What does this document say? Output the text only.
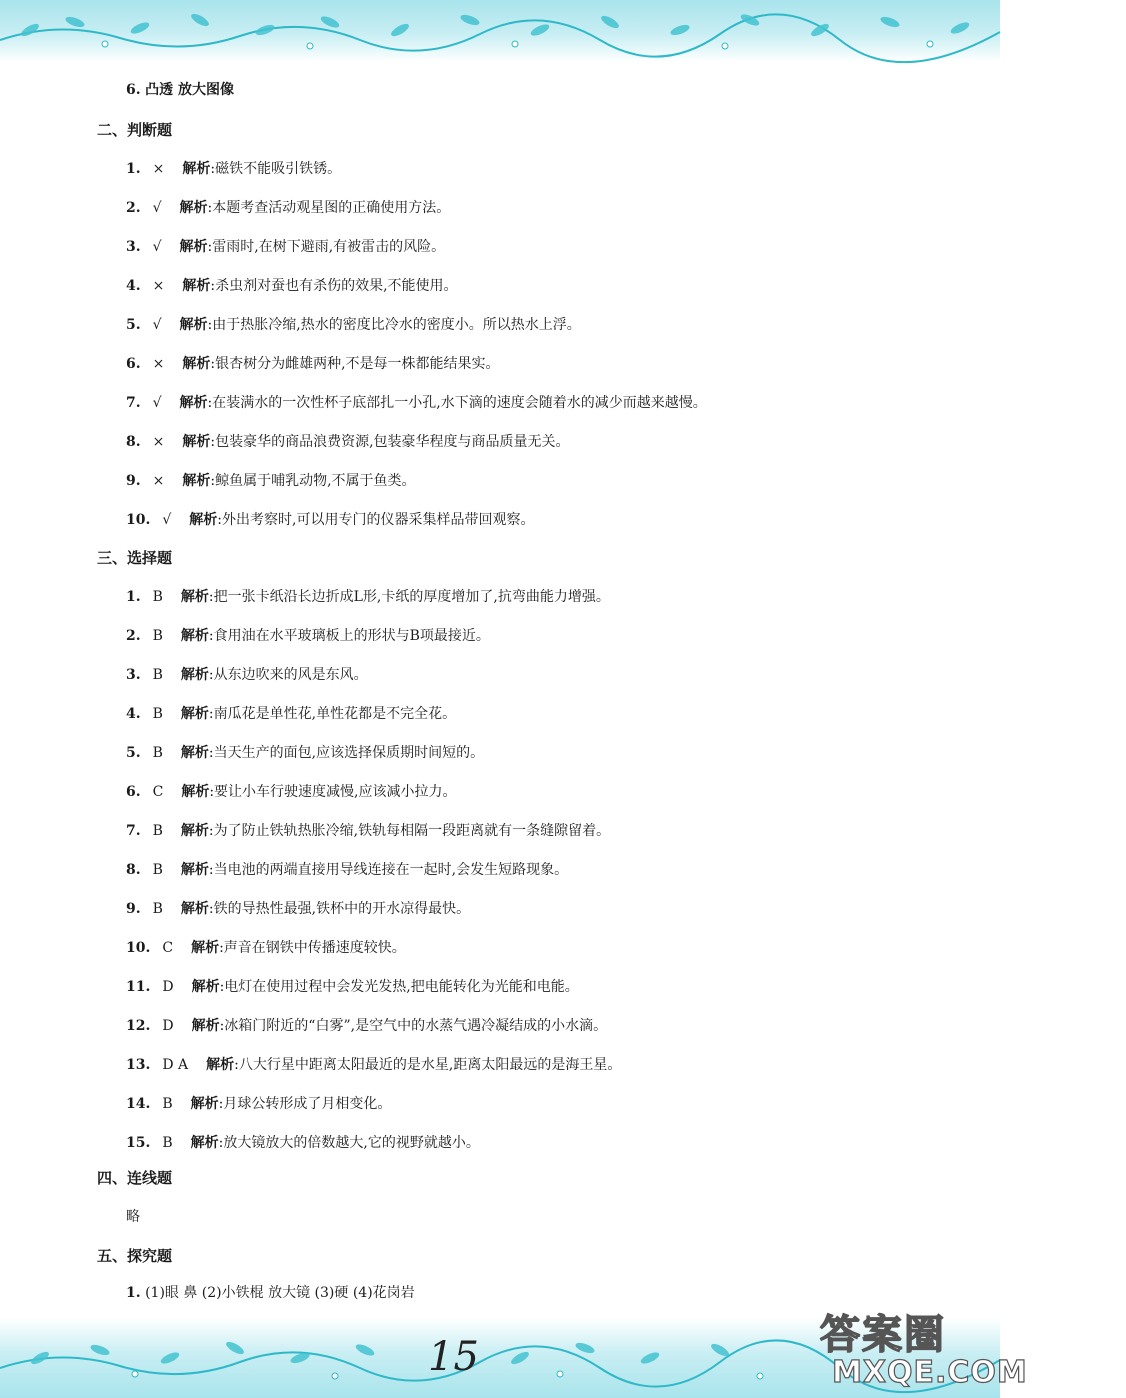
6. 凸透 放大图像
二、判断题
1. × 解析:磁铁不能吸引铁锈。
2. √ 解析:本题考查活动观星图的正确使用方法。
3. √ 解析:雷雨时,在树下避雨,有被雷击的风险。
4. × 解析:杀虫剂对蚕也有杀伤的效果,不能使用。
5. √ 解析:由于热胀冷缩,热水的密度比冷水的密度小。所以热水上浮。
6. × 解析:银杏树分为雌雄两种,不是每一株都能结果实。
7. √ 解析:在装满水的一次性杯子底部扎一小孔,水下滴的速度会随着水的减少而越来越慢。
8. × 解析:包装豪华的商品浪费资源,包装豪华程度与商品质量无关。
9. × 解析:鲸鱼属于哺乳动物,不属于鱼类。
10. √ 解析:外出考察时,可以用专门的仪器采集样品带回观察。
三、选择题
1. B 解析:把一张卡纸沿长边折成L形,卡纸的厚度增加了,抗弯曲能力增强。
2. B 解析:食用油在水平玻璃板上的形状与B项最接近。
3. B 解析:从东边吹来的风是东风。
4. B 解析:南瓜花是单性花,单性花都是不完全花。
5. B 解析:当天生产的面包,应该选择保质期时间短的。
6. C 解析:要让小车行驶速度减慢,应该减小拉力。
7. B 解析:为了防止铁轨热胀冷缩,铁轨每相隔一段距离就有一条缝隙留着。
8. B 解析:当电池的两端直接用导线连接在一起时,会发生短路现象。
9. B 解析:铁的导热性最强,铁杯中的开水凉得最快。
10. C 解析:声音在钢铁中传播速度较快。
11. D 解析:电灯在使用过程中会发光发热,把电能转化为光能和电能。
12. D 解析:冰箱门附近的“白雾”,是空气中的水蒸气遇冷凝结成的小水滴。
13. D A 解析:八大行星中距离太阳最近的是水星,距离太阳最远的是海王星。
14. B 解析:月球公转形成了月相变化。
15. B 解析:放大镜放大的倍数越大,它的视野就越小。
四、连线题
略
五、探究题
1. (1)眼 鼻 (2)小铁棍 放大镜 (3)硬 (4)花岗岩
15	答案圈
MXQE.COM
